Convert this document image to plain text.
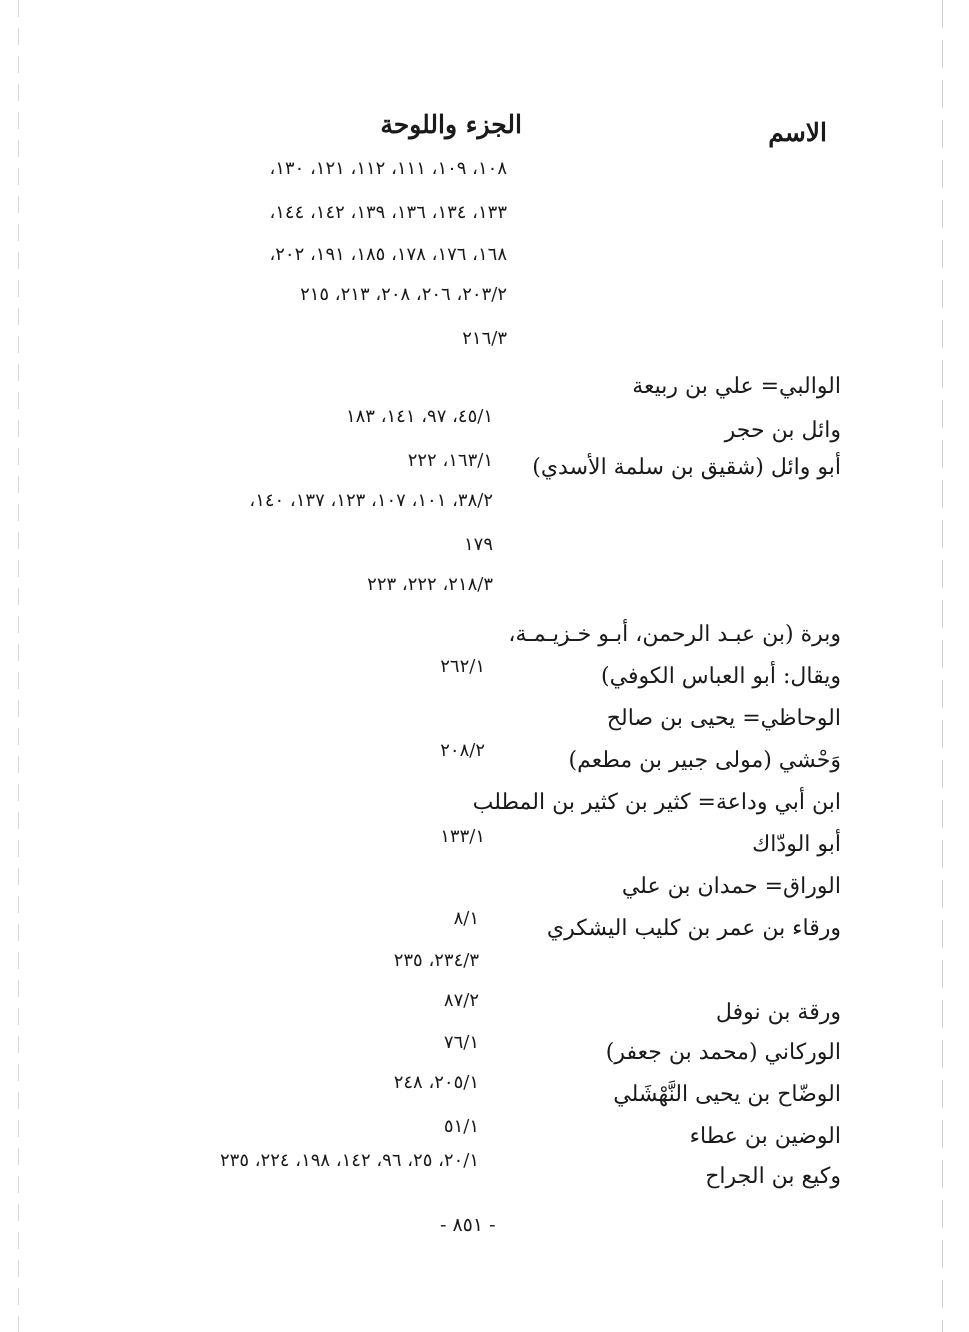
الاسم
الجزء واللوحة
الوالبي= علي بن ربيعة
وائل بن حجر
أبو وائل (شقيق بن سلمة الأسدي)
وبرة (بن عبـد الرحمن، أبـو خـزيـمـة،
ويقال: أبو العباس الكوفي)
الوحاظي= يحيى بن صالح
وَحْشي (مولى جبير بن مطعم)
ابن أبي وداعة= كثير بن كثير بن المطلب
أبو الودّاك
الوراق= حمدان بن علي
ورقاء بن عمر بن كليب اليشكري
ورقة بن نوفل
الوركاني (محمد بن جعفر)
الوضّاح بن يحيى النَّهْشَلي
الوضين بن عطاء
وكيع بن الجراح
١٠٨، ١٠٩، ١١١، ١١٢، ١٢١، ١٣٠،
١٣٣، ١٣٤، ١٣٦، ١٣٩، ١٤٢، ١٤٤،
١٦٨، ١٧٦، ١٧٨، ١٨٥، ١٩١، ٢٠٢،
٢٠٣/٢، ٢٠٦، ٢٠٨، ٢١٣، ٢١٥
٢١٦/٣
٤٥/١، ٩٧، ١٤١، ١٨٣
١٦٣/١، ٢٢٢
٣٨/٢، ١٠١، ١٠٧، ١٢٣، ١٣٧، ١٤٠،
١٧٩
٢١٨/٣، ٢٢٢، ٢٢٣
٢٦٢/١
٢٠٨/٢
١٣٣/١
٨/١
٢٣٤/٣، ٢٣٥
٨٧/٢
٧٦/١
٢٠٥/١، ٢٤٨
٥١/١
٢٠/١، ٢٥، ٩٦، ١٤٢، ١٩٨، ٢٢٤، ٢٣٥
- ٨٥١ -
